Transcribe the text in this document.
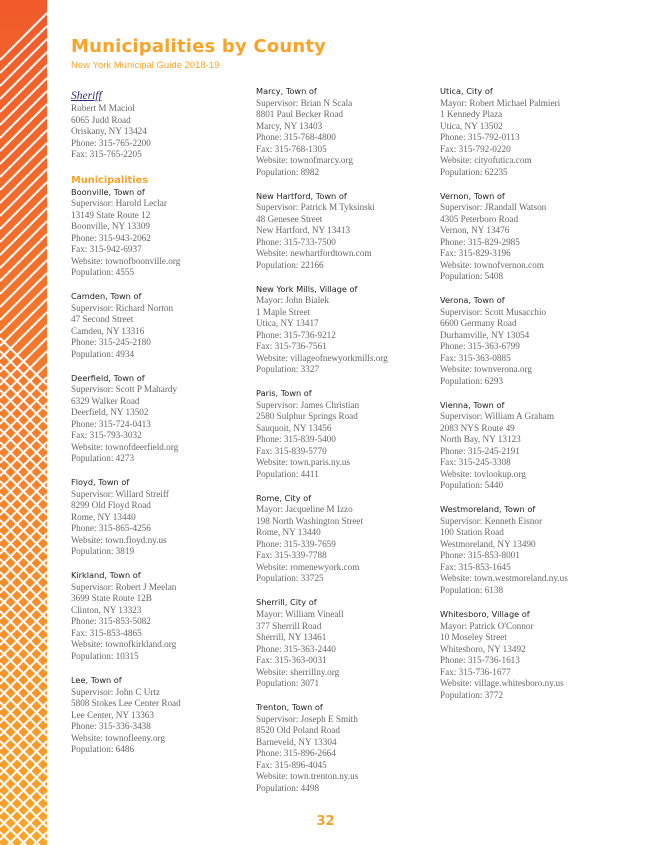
Municipalities by County

New York Municipal Guide 2018-19

Sheriff
Robert M Maciol
6065 Judd Road
Oriskany, NY 13424
Phone: 315-765-2200
Fax: 315-765-2205
Municipalities
Boonville, Town of
Supervisor: Harold Leclar
13149 State Route 12
Boonville, NY 13309
Phone: 315-943-2062
Fax: 315-942-6937
Website: townofboonville.org
Population: 4555
Camden, Town of
Supervisor: Richard Norton
47 Second Street
Camden, NY 13316
Phone: 315-245-2180
Population: 4934
Deerfield, Town of
Supervisor: Scott P Mahardy
6329 Walker Road
Deerfield, NY 13502
Phone: 315-724-0413
Fax: 315-793-3032
Website: townofdeerfield.org
Population: 4273
Floyd, Town of
Supervisor: Willard Streiff
8299 Old Floyd Road
Rome, NY 13440
Phone: 315-865-4256
Website: town.floyd.ny.us
Population: 3819
Kirkland, Town of
Supervisor: Robert J Meelan
3699 State Route 12B
Clinton, NY 13323
Phone: 315-853-5082
Fax: 315-853-4865
Website: townofkirkland.org
Population: 10315
Lee, Town of
Supervisor: John C Urtz
5808 Stokes Lee Center Road
Lee Center, NY 13363
Phone: 315-336-3438
Website: townofleeny.org
Population: 6486
Marcy, Town of
Supervisor: Brian N Scala
8801 Paul Becker Road
Marcy, NY 13403
Phone: 315-768-4800
Fax: 315-768-1305
Website: townofmarcy.org
Population: 8982
New Hartford, Town of
Supervisor: Patrick M Tyksinski
48 Genesee Street
New Hartford, NY 13413
Phone: 315-733-7500
Website: newhartfordtown.com
Population: 22166
New York Mills, Village of
Mayor: John Bialek
1 Maple Street
Utica, NY 13417
Phone: 315-736-9212
Fax: 315-736-7561
Website: villageofnewyorkmills.org
Population: 3327
Paris, Town of
Supervisor: James Christian
2580 Sulphur Springs Road
Sauquoit, NY 13456
Phone: 315-839-5400
Fax: 315-839-5770
Website: town.paris.ny.us
Population: 4411
Rome, City of
Mayor: Jacqueline M Izzo
198 North Washington Street
Rome, NY 13440
Phone: 315-339-7659
Fax: 315-339-7788
Website: romenewyork.com
Population: 33725
Sherrill, City of
Mayor: William Vineall
377 Sherrill Road
Sherrill, NY 13461
Phone: 315-363-2440
Fax: 315-363-0031
Website: sherrillny.org
Population: 3071
Trenton, Town of
Supervisor: Joseph E Smith
8520 Old Poland Road
Barneveld, NY 13304
Phone: 315-896-2664
Fax: 315-896-4045
Website: town.trenton.ny.us
Population: 4498
Utica, City of
Mayor: Robert Michael Palmieri
1 Kennedy Plaza
Utica, NY 13502
Phone: 315-792-0113
Fax: 315-792-0220
Website: cityofutica.com
Population: 62235
Vernon, Town of
Supervisor: JRandall Watson
4305 Peterboro Road
Vernon, NY 13476
Phone: 315-829-2985
Fax: 315-829-3196
Website: townofvernon.com
Population: 5408
Verona, Town of
Supervisor: Scott Musacchio
6600 Germany Road
Durhamville, NY 13054
Phone: 315-363-6799
Fax: 315-363-0885
Website: townverona.org
Population: 6293
Vienna, Town of
Supervisor: William A Graham
2083 NYS Route 49
North Bay, NY 13123
Phone: 315-245-2191
Fax: 315-245-3308
Website: tovlookup.org
Population: 5440
Westmoreland, Town of
Supervisor: Kenneth Eisnor
100 Station Road
Westmoreland, NY 13490
Phone: 315-853-8001
Fax: 315-853-1645
Website: town.westmoreland.ny.us
Population: 6138
Whitesboro, Village of
Mayor: Patrick O'Connor
10 Moseley Street
Whitesboro, NY 13492
Phone: 315-736-1613
Fax: 315-736-1677
Website: village.whitesboro.ny.us
Population: 3772
32
